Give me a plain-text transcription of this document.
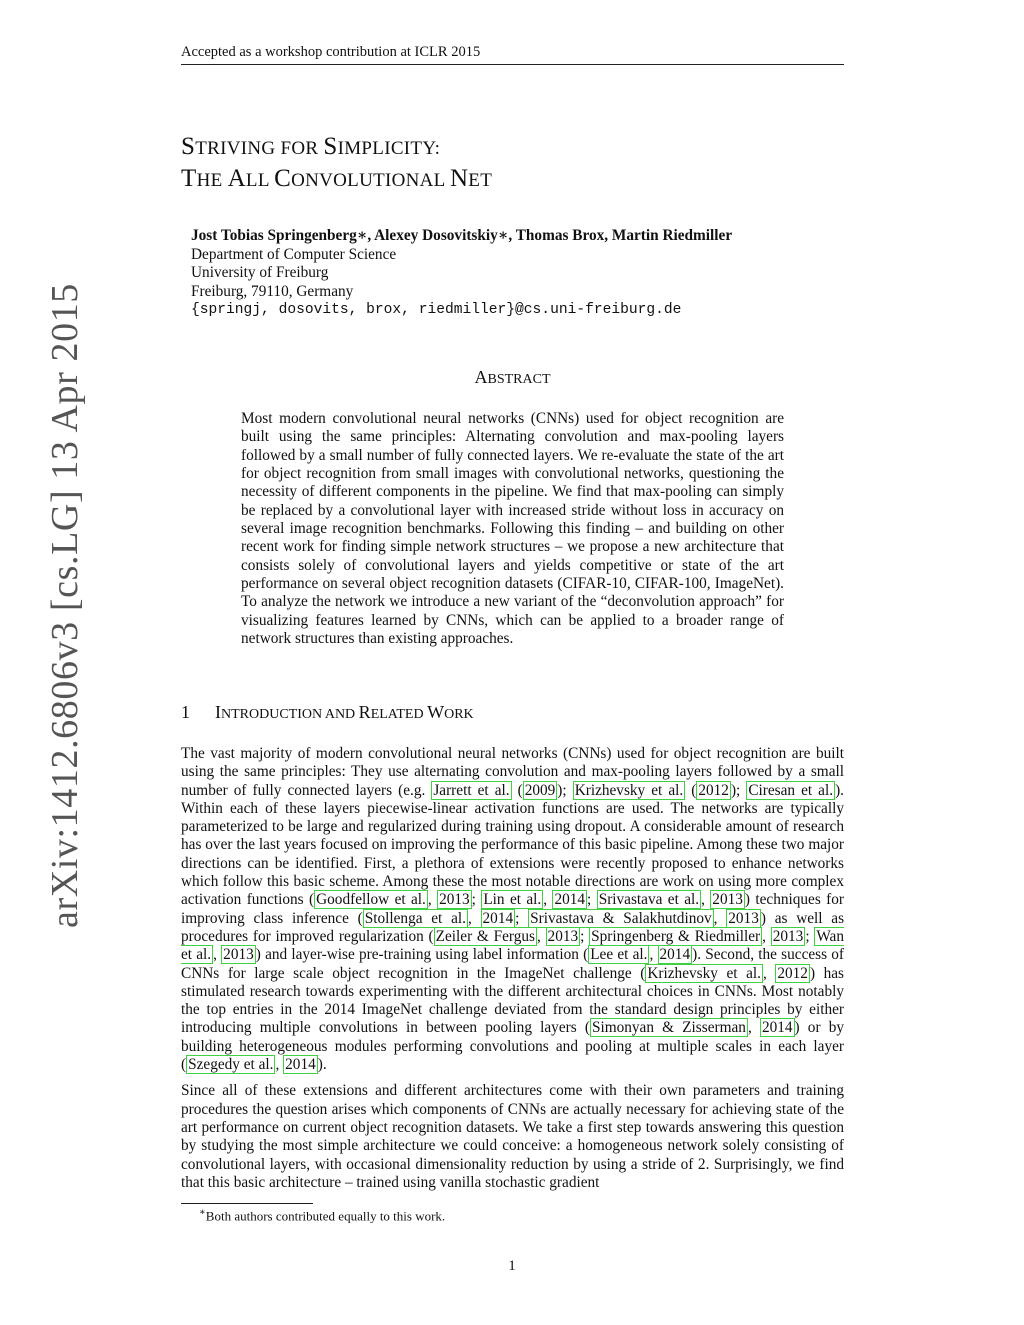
Accepted as a workshop contribution at ICLR 2015
STRIVING FOR SIMPLICITY:
THE ALL CONVOLUTIONAL NET
Jost Tobias Springenberg∗, Alexey Dosovitskiy∗, Thomas Brox, Martin Riedmiller
Department of Computer Science
University of Freiburg
Freiburg, 79110, Germany
{springj, dosovits, brox, riedmiller}@cs.uni-freiburg.de
arXiv:1412.6806v3 [cs.LG] 13 Apr 2015	ABSTRACT
Most modern convolutional neural networks (CNNs) used for object recognition are built using the same principles: Alternating convolution and max-pooling layers followed by a small number of fully connected layers. We re-evaluate the state of the art for object recognition from small images with convolutional networks, questioning the necessity of different components in the pipeline. We find that max-pooling can simply be replaced by a convolutional layer with increased stride without loss in accuracy on several image recognition benchmarks. Following this finding – and building on other recent work for finding simple network structures – we propose a new architecture that consists solely of convolutional layers and yields competitive or state of the art performance on several object recognition datasets (CIFAR-10, CIFAR-100, ImageNet). To analyze the network we introduce a new variant of the “deconvolution approach” for visualizing features learned by CNNs, which can be applied to a broader range of network structures than existing approaches.
1 INTRODUCTION AND RELATED WORK

The vast majority of modern convolutional neural networks (CNNs) used for object recognition are built using the same principles: They use alternating convolution and max-pooling layers followed by a small number of fully connected layers (e.g. Jarrett et al. ( 2009 ); Krizhevsky et al. ( 2012 ); Ciresan et al. ). Within each of these layers piecewise-linear activation functions are used. The networks are typically parameterized to be large and regularized during training using dropout. A considerable amount of research has over the last years focused on improving the performance of this basic pipeline. Among these two major directions can be identified. First, a plethora of extensions were recently proposed to enhance networks which follow this basic scheme. Among these the most notable directions are work on using more complex activation functions ( Goodfellow et al. , 2013 ; Lin et al. , 2014 ; Srivastava et al. , 2013 ) techniques for improving class inference ( Stollenga et al. , 2014 ; Srivastava & Salakhutdinov , 2013 ) as well as procedures for improved regularization ( Zeiler & Fergus , 2013 ; Springenberg & Riedmiller , 2013 ; Wan et al. , 2013 ) and layer-wise pre-training using label information ( Lee et al. , 2014 ). Second, the success of CNNs for large scale object recognition in the ImageNet challenge ( Krizhevsky et al. , 2012 ) has stimulated research towards experimenting with the different architectural choices in CNNs. Most notably the top entries in the 2014 ImageNet challenge deviated from the standard design principles by either introducing multiple convolutions in between pooling layers ( Simonyan & Zisserman , 2014 ) or by building heterogeneous modules performing convolutions and pooling at multiple scales in each layer ( Szegedy et al. , 2014 ).

Since all of these extensions and different architectures come with their own parameters and training procedures the question arises which components of CNNs are actually necessary for achieving state of the art performance on current object recognition datasets. We take a first step towards answering this question by studying the most simple architecture we could conceive: a homogeneous network solely consisting of convolutional layers, with occasional dimensionality reduction by using a stride of 2. Surprisingly, we find that this basic architecture – trained using vanilla stochastic gradient

∗Both authors contributed equally to this work.
1
